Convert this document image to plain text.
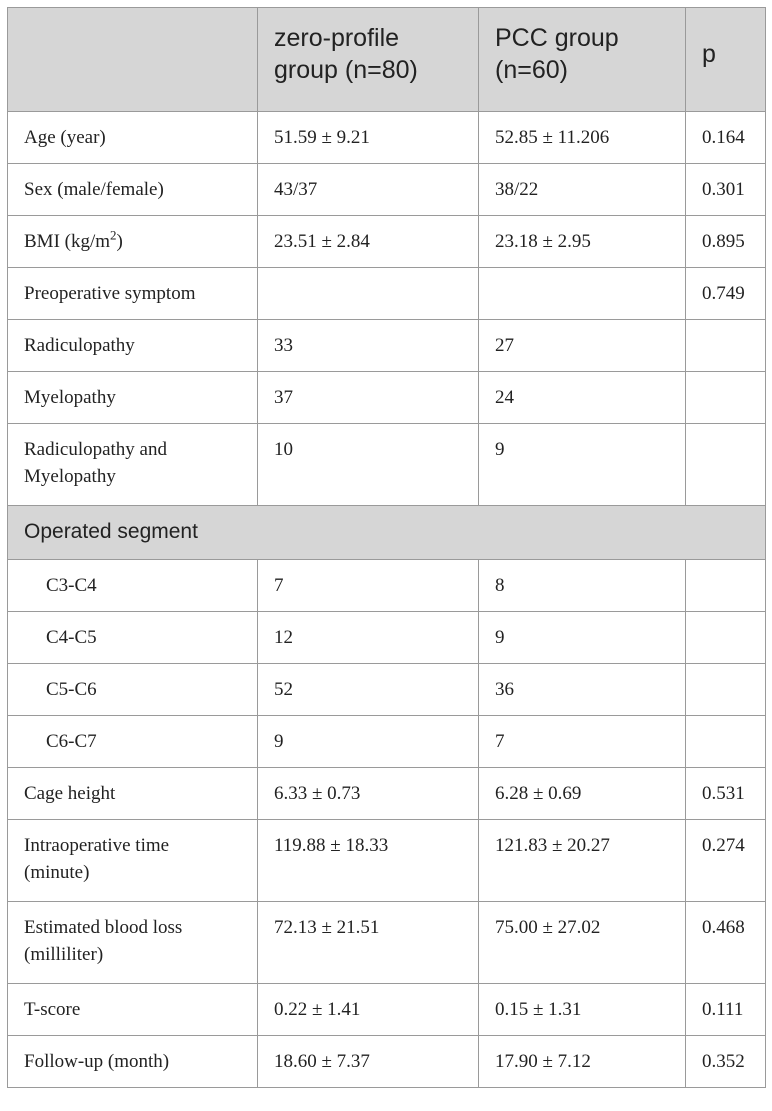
	zero-profile group (n=80)	PCC group (n=60)	p
Age (year)	51.59 ± 9.21	52.85 ± 11.206	0.164
Sex (male/female)	43/37	38/22	0.301
BMI $(kg/m^2)$	23.51 ± 2.84	23.18 ± 2.95	0.895
Preoperative symptom			0.749
Radiculopathy	33	27	
Myelopathy	37	24	
Radiculopathy and Myelopathy	10	9	
Operated segment			
C3-C4	7	8	
C4-C5	12	9	
C5-C6	52	36	
C6-C7	9	7	
Cage height	6.33 ± 0.73	6.28 ± 0.69	0.531
Intraoperative time (minute)	119.88 ± 18.33	121.83 ± 20.27	0.274
Estimated blood loss (milliliter)	72.13 ± 21.51	75.00 ± 27.02	0.468
T-score	0.22 ± 1.41	0.15 ± 1.31	0.111
Follow-up (month)	18.60 ± 7.37	17.90 ± 7.12	0.352
